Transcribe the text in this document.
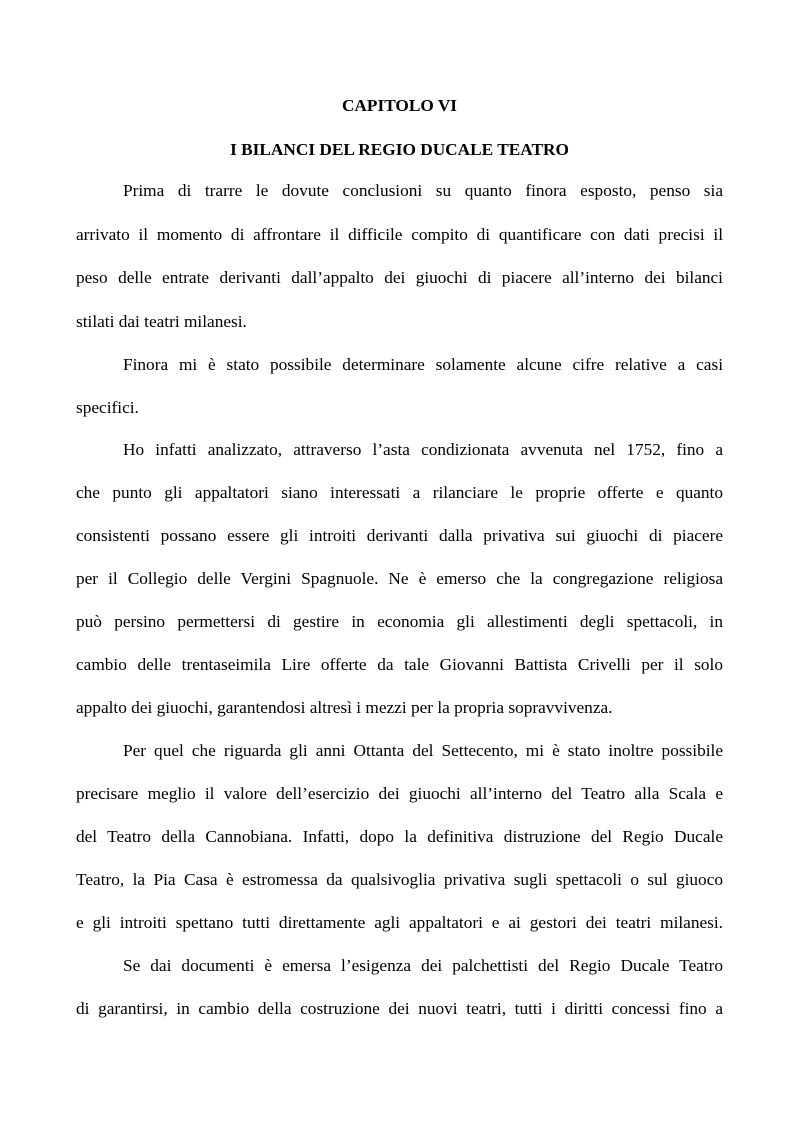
CAPITOLO VI
I BILANCI DEL REGIO DUCALE TEATRO

Prima di trarre le dovute conclusioni su quanto finora esposto, penso sia

arrivato il momento di affrontare il difficile compito di quantificare con dati precisi il

peso delle entrate derivanti dall’appalto dei giuochi di piacere all’interno dei bilanci

stilati dai teatri milanesi.

Finora mi è stato possibile determinare solamente alcune cifre relative a casi

specifici.

Ho infatti analizzato, attraverso l’asta condizionata avvenuta nel 1752, fino a

che punto gli appaltatori siano interessati a rilanciare le proprie offerte e quanto

consistenti possano essere gli introiti derivanti dalla privativa sui giuochi di piacere

per il Collegio delle Vergini Spagnuole. Ne è emerso che la congregazione religiosa

può persino permettersi di gestire in economia gli allestimenti degli spettacoli, in

cambio delle trentaseimila Lire offerte da tale Giovanni Battista Crivelli per il solo

appalto dei giuochi, garantendosi altresì i mezzi per la propria sopravvivenza.

Per quel che riguarda gli anni Ottanta del Settecento, mi è stato inoltre possibile

precisare meglio il valore dell’esercizio dei giuochi all’interno del Teatro alla Scala e

del Teatro della Cannobiana. Infatti, dopo la definitiva distruzione del Regio Ducale

Teatro, la Pia Casa è estromessa da qualsivoglia privativa sugli spettacoli o sul giuoco

e gli introiti spettano tutti direttamente agli appaltatori e ai gestori dei teatri milanesi.

Se dai documenti è emersa l’esigenza dei palchettisti del Regio Ducale Teatro

di garantirsi, in cambio della costruzione dei nuovi teatri, tutti i diritti concessi fino a
